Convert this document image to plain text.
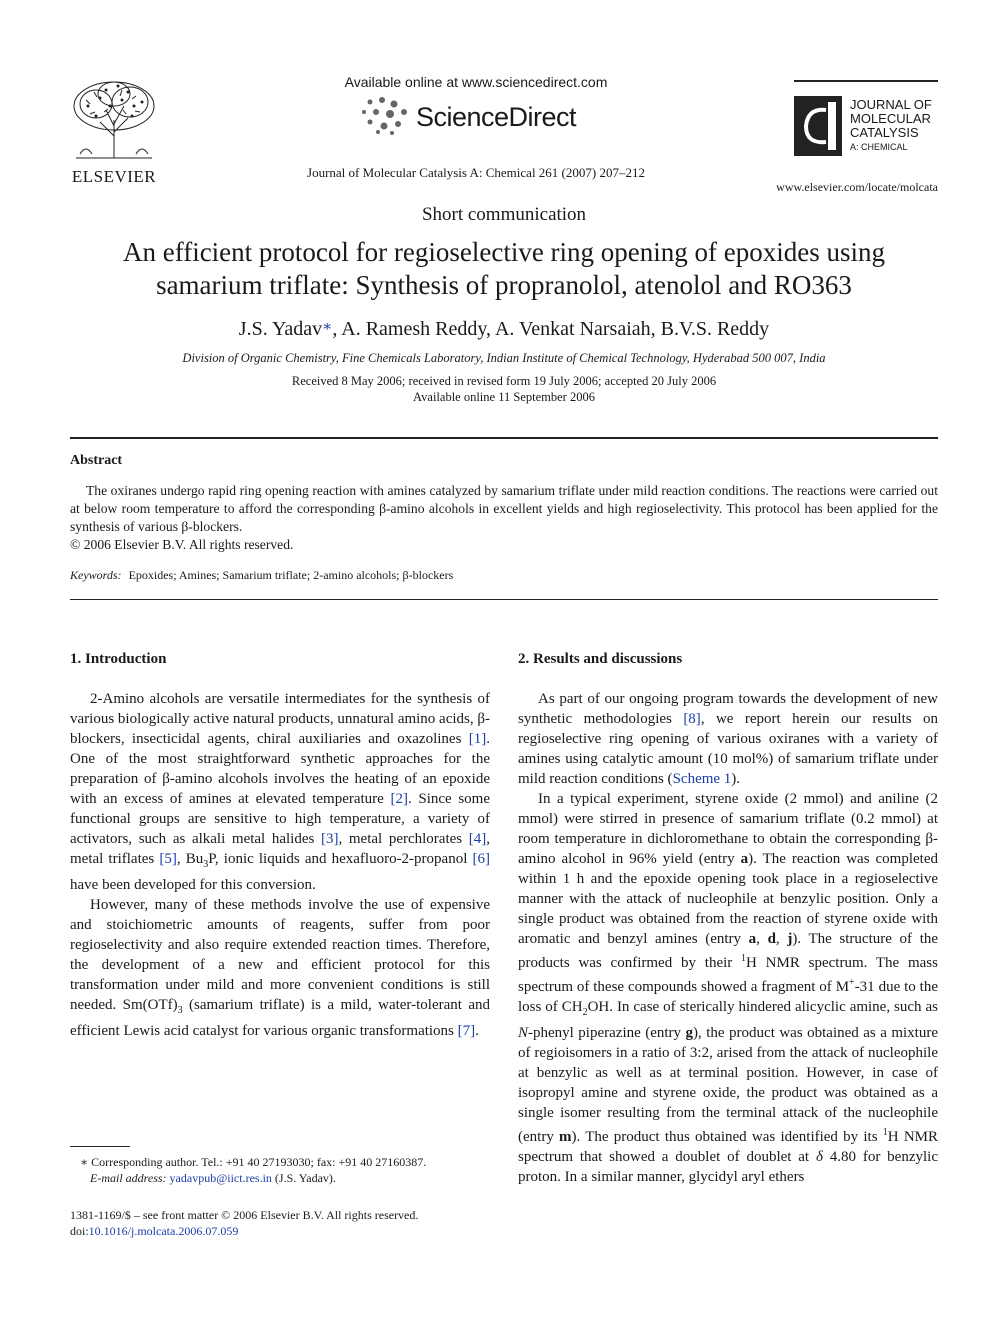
ELSEVIER
Available online at www.sciencedirect.com
ScienceDirect
Journal of Molecular Catalysis A: Chemical 261 (2007) 207–212
JOURNAL OF
MOLECULAR
CATALYSIS
A: CHEMICAL
www.elsevier.com/locate/molcata
Short communication
An efficient protocol for regioselective ring opening of epoxides using
samarium triflate: Synthesis of propranolol, atenolol and RO363
J.S. Yadav∗, A. Ramesh Reddy, A. Venkat Narsaiah, B.V.S. Reddy
Division of Organic Chemistry, Fine Chemicals Laboratory, Indian Institute of Chemical Technology, Hyderabad 500 007, India
Received 8 May 2006; received in revised form 19 July 2006; accepted 20 July 2006
Available online 11 September 2006
Abstract
The oxiranes undergo rapid ring opening reaction with amines catalyzed by samarium triflate under mild reaction conditions. The reactions were carried out at below room temperature to afford the corresponding β-amino alcohols in excellent yields and high regioselectivity. This protocol has been applied for the synthesis of various β-blockers.
© 2006 Elsevier B.V. All rights reserved.
Keywords: Epoxides; Amines; Samarium triflate; 2-amino alcohols; β-blockers
1. Introduction

2-Amino alcohols are versatile intermediates for the synthesis of various biologically active natural products, unnatural amino acids, β-blockers, insecticidal agents, chiral auxiliaries and oxazolines [1]. One of the most straightforward synthetic approaches for the preparation of β-amino alcohols involves the heating of an epoxide with an excess of amines at elevated temperature [2]. Since some functional groups are sensitive to high temperature, a variety of activators, such as alkali metal halides [3], metal perchlorates [4], metal triflates [5], $Bu_3P$, ionic liquids and hexafluoro-2-propanol [6] have been developed for this conversion.

However, many of these methods involve the use of expensive and stoichiometric amounts of reagents, suffer from poor regioselectivity and also require extended reaction times. Therefore, the development of a new and efficient protocol for this transformation under mild and more convenient conditions is still needed. $Sm(OTf)_3$ (samarium triflate) is a mild, water-tolerant and efficient Lewis acid catalyst for various organic transformations [7].

∗ Corresponding author. Tel.: +91 40 27193030; fax: +91 40 27160387.
E-mail address: yadavpub@iict.res.in (J.S. Yadav).
1381-1169/$ – see front matter © 2006 Elsevier B.V. All rights reserved.
doi:10.1016/j.molcata.2006.07.059
2. Results and discussions

As part of our ongoing program towards the development of new synthetic methodologies [8], we report herein our results on regioselective ring opening of various oxiranes with a variety of amines using catalytic amount (10 mol%) of samarium triflate under mild reaction conditions (Scheme 1).

In a typical experiment, styrene oxide (2 mmol) and aniline (2 mmol) were stirred in presence of samarium triflate (0.2 mmol) at room temperature in dichloromethane to obtain the corresponding β-amino alcohol in 96% yield (entry a). The reaction was completed within 1 h and the epoxide opening took place in a regioselective manner with the attack of nucleophile at benzylic position. Only a single product was obtained from the reaction of styrene oxide with aromatic and benzyl amines (entry a, d, j). The structure of the products was confirmed by their $^1$H NMR spectrum. The mass spectrum of these compounds showed a fragment of M+-31 due to the loss of $CH_2OH$. In case of sterically hindered alicyclic amine, such as N-phenyl piperazine (entry g), the product was obtained as a mixture of regioisomers in a ratio of 3:2, arised from the attack of nucleophile at benzylic as well as at terminal position. However, in case of isopropyl amine and styrene oxide, the product was obtained as a single isomer resulting from the terminal attack of the nucleophile (entry m). The product thus obtained was identified by its $^1$H NMR spectrum that showed a doublet of doublet at δ 4.80 for benzylic proton. In a similar manner, glycidyl aryl ethers
